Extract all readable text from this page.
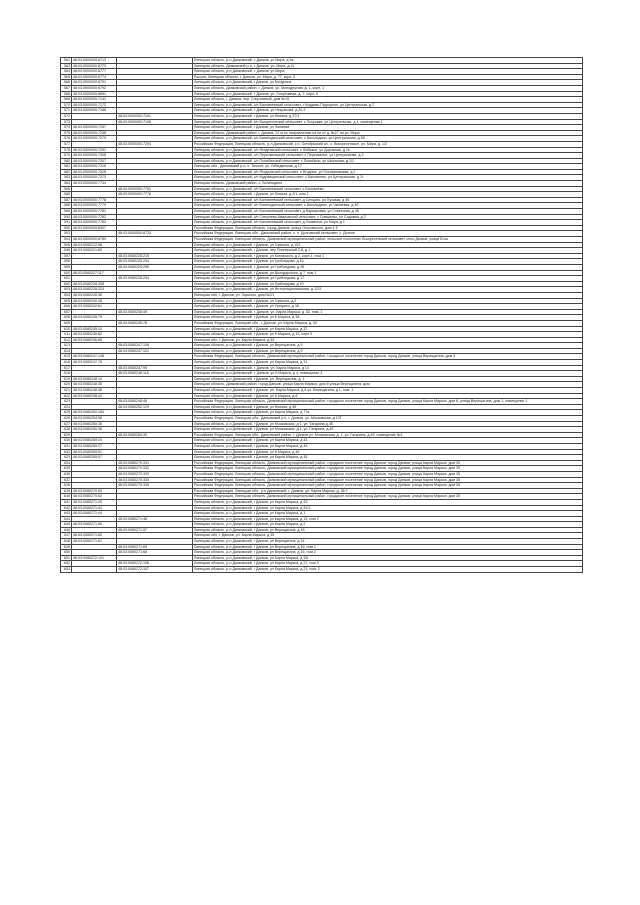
562	48:03:0000000:6713		Липецкая область, р-н Данковский, г. Данков, ул Мира, д 9а
563	48:03:0000000:6773		Липецкая область, Данковский р-н, г. Данков, ул. Мира, д.11
564	48:03:0000000:6777		Липецкая область, р-н Данковский, г. Данков, ул Мира
565	48:03:0000000:6774		Россия, Липецкая область, г. Данков, ул. Мира, д. 77, корп. 2
566	48:03:0000000:6791		Липецкая область, р-н Данковский, г Данков, ул Мичурина
567	48:03:0000000:6792		Липецкая область, Данковский район, г. Данков, ул. Молодежная, д. 1, корп. 1
568	48:03:0000000:6891		Липецкая область, р-н Данковский, г. Данков, ул. Спортивная, д. 2, корп. 4
569	48:03:0000000:7141		Липецкая область, г. Данков, пер. Спортивный, дом №19
570	48:03:0000000:7172		Липецкая область, р-н Данковский, с/п Баловневский сельсовет, с Крудево-Подгорное, ул Центральная, д 2
571	48:03:0000000:7188		Липецкая область, р-н Данковский, г. Данков, ул Некрасова, д 20-2
572		48:03:0000000:7191	Липецкая область, р-н Данковский, г Данков, ул Ленина, д 27/1
573		48:03:0000000:7198	Липецкая область, р-н Данковский, с/п Воскресенский сельсовет, с Покровка, ул Центральная, д 4, помещение 1
574	48:03:0000000:7257		Липецкая область, р-н Данковский, г Данков, ул Чапаева
575	48:03:0000000:7258		Липецкая область, Данковский район, г. Данков, 22 м по направлению на юг от д. №27 по ул. Мира
576	48:03:0000000:7279		Липецкая область, р-н Данковский, с/п Бигильдинский сельсовет, с Бигильдино, ул Центральная, д 58
577		48:03:0000000:7294	Российская Федерация, Липецкая область, р-н Данковский, с.п. Октябрьский с/с, с. Воскресенское, ул. Мира, д. 1/2
578	48:03:0000000:7291		Липецкая область, р-н Данковский, с/п Ягодновский сельсовет, с Лебяжье, ул Дорожная, д 1е
579	48:03:0000000:7306		Липецкая область, р-н Данковский, с/п Перехвальский сельсовет, с Перехвалье, ул Центральная, д 2
580	48:03:0000000:7307		Липецкая область, р-н Данковский, с/п Полибинский сельсовет, с Полибино, ул Школьная, д 1/1
581	48:03:0000000:7316		Липецкая обл., Данковский р-н, с. Теплое, ул. Лебедянская, д 17
582	48:03:0000000:7325		Липецкая область, р-н Данковский, с/п Ягодновский сельсовет, с Ягодное, ул Головановская, д 2
583	48:03:0000000:7373		Липецкая область, р-н Данковский, с/п Кудрявщинский сельсовет, с Баловнево, ул Центральная, д 2г
584	48:03:0000000:7744		Липецкая область, Данковский район, с. Бигильдино
585		48:03:0000000:7751	Липецкая область, р-н Данковский, с/п Баловневский сельсовет, с Баловнево
586		48:03:0000000:7776	Липецкая область, р-н Данковский, г Данков, ул Ленина, д 2/1, пом 1
587	48:03:0000000:7778		Липецкая область, р-н Данковский, с/п Баловневский сельсовет, д Сенцово, ул Луговая, д 4б
588	48:03:0000000:7779		Липецкая область, р-н Данковский, с/п Бигильдинский сельсовет, с Бигильдино, ул Чапаевка, д 4б
589	48:03:0000000:7781		Липецкая область, р-н Данковский, с/п Баловневский сельсовет, д Варваровка, ул Советская, д 3б
590	48:03:0000000:7782		Липецкая область, р-н Данковский, с/п Спешнево-Ивановский сельсовет, с Спешнево, ул Садовая, д 2
591	48:03:0000000:7783		Липецкая область, р-н Данковский, с/п Баловневский сельсовет, д Знаменка, ул Мира, д 1
592	48:03:0000000:8407		Российская Федерация, Липецкая область, город Данков, улица Островского, дом 1 б
593		48:03:0000000:8733	Российская Федерация, Липецкая обл., Данковский район, с. п. Долговский сельсовет, с. Долгое
594	48:03:0000000:8789		Российская Федерация, Липецкая область, Данковский муниципальный район, сельское поселение Воскресенский сельсовет, село Данков, улица Юла
595	48:03:0080212:56		Липецкая область, р-н Данковский, г Данков, ул Горького, д 102
596	48:03:0080221:60		Липецкая область, р-н Данковский, г Данков, пер Пионерский 2-й, д 1
597		48:03:0080225:215	Липецкая область, р-н Данковский, г Данков, ул Котовского, д 2, корп 1, пом 1
598		48:03:0080225:254	Липецкая область, р-н Данковский, г Данков, ул Грибоедова, д 16
599		48:03:0080225:255	Липецкая область, р-н Данковский, г. Данков, ул Грибоедова, д 26
600	48:03:0080227:117		Липецкая область, р-н Данковский, г Данков, ул Володарского, д 7, пом 1
601		48:03:0080228:254	Липецкая область, р-н Данковский, г. Данков, ул Грибоедова, д 17
602	48:03:0080228:308		Липецкая область, р-н Данковский, г Данков, ул Грибоедова, д 19
603	48:03:0080228:324		Липецкая область, р-н Данковский, г Данков, ул Интернациональная, д 12/3
604	48:03:0080240:36		Липецкая обл, г. Данков, ул. Горького, дом №2/1
605	48:03:0080240:38		Липецкая область, р-н Данковский, г Данков, ул Горького, д 2
606	48:03:0080242:61		Липецкая область, р-н Данковский, г Данков, ул Урицкого, д 36
607		48:03:0080245:49	Липецкая область, р-н Данковский, г. Данков, ул. Карла Маркса, д. 52, пом. 1
608	48:03:0080245:75		Липецкая область, р-н Данковский, г Данков, ул К.Маркса, д 38
609		48:03:0080245:76	Российская Федерация, Липецкая обл., г. Данков, ул. Карла Маркса, д. 52
610	48:03:0080245:10		Липецкая область, р-н Данковский, г Данков, ул Карла Маркса, д 37
611	48:03:0080246:82		Липецкая область, р-н Данковский, г Данков, ул К.Маркса, д 32, корп 3
612	48:03:0080246:85		Липецкая обл, г. Данков, ул. Карла Маркса, д 34
613		48:03:0080247:106	Липецкая область, р-н Данковский, г Данков, ул Верещагина, д 9
614		48:03:0080247:101	Липецкая область, р-н Данковский, г Данков, ул Верещагина, д 9
615	48:03:0080247:148		Российская Федерация, Липецкая область, Данковский муниципальный район, городское поселение город Данков, город Данков, улица Верещагина, дом 5
616	48:03:0080247:76		Липецкая область, р-н Данковский, г Данков, ул Карла Маркса, д 31
617		48:03:0080247:99	Липецкая область, р-н Данковский, г. Данков, ул. Карла Маркса, д 14
618		48:03:0080248:116	Липецкая область, р-н Данковский, г. Данков, ул К.Маркса, д 4, помещение 3
619	48:03:0080248:14		Липецкая область, р-н Данковский, г Данков, ул. Верещагина, д. 1
620	48:03:0080248:35		Липецкая область, Данковский район, город Данков, улица Карла Маркса, дом 8 улица Верещагина, дом
621	48:03:0080248:38		Липецкая область, р-н Данковский, г Данков, ул. Карла Маркса, д 8 ул. Верещагина, д 1, пом. 1
622	48:03:0080248:42		Липецкая область, р-н Данковский, г Данков, ул К.Маркса, д 6
623		48:03:0080248:46	Российская Федерация, Липецкая область, Данковский муниципальный район, городское поселение город Данков, город Данков, улица Карла Маркса, дом 8, улица Верещагина, дом 1, помещение 1
624		48:03:0080252:129	Липецкая область, р-н Данковский, г Данков, ул Нахова, д 45
625	48:03:0080252:184		Липецкая область, р-н Данковский, г Данков, ул Карла Маркса, д 77а
626	48:03:0080254:58		Российская Федерация, Липецкая обл., Данковский р-н, г. Данков, ул. Московская, д 13Г
627	48:03:0080260:35		Липецкая область, р-н Данковский, г Данков, ул Московская, д 1, ул. Тагарина д.4б
628	48:03:0080260:38		Липецкая область, р-н Данковский, г Данков, ул Московская, д 1, ул. Гагарина, д.4б
629		48:03:0080260:39	Российская Федерация, Липецкая обл., Данковский район, г. Данков ул. Московская, д. 1, ул. Гагарина, д.4б, помещение №1
630	48:03:0080269:24		Липецкая область, р-н Данковский, г Данков, ул Карла Маркса, д 43
631	48:03:0080269:27		Липецкая область, р-н Данковский, г Данков, ул Карла Маркса, д 45
632	48:03:0080269:51		Липецкая область, р-н Данковский, г Данков, ул К.Маркса, д 46
633	48:03:0080269:57		Липецкая область, р-н Данковский, г Данков, ул Карла Маркса, д 45
634		48:03:0080270:331	Российская Федерация, Липецкая область, Данковский муниципальный район, городское поселение город Данков, город Данков, улица Карла Маркса, дом 35
635		48:03:0080270:332	Российская Федерация, Липецкая область, Данковский муниципальный район, городское поселение город Данков, город Данков, улица Карла Маркса, дом 35
636		48:03:0080270:333	Российская Федерация, Липецкая область, Данковский муниципальный район, городское поселение город Данков, город Данков, улица Карла Маркса, дом 35
637		48:03:0080270:334	Российская Федерация, Липецкая область, Данковский муниципальный район, городское поселение город Данков, город Данков, улица Карла Маркса, дом 35
638		48:03:0080270:335	Российская Федерация, Липецкая область, Данковский муниципальный район, городское поселение город Данков, город Данков, улица Карла Маркса, дом 35
639	48:03:0080270:50		Российская Федерация, Липецкая обл., р-н Данковский, г. Данков, ул. Карла Маркса, д. 35 Г
640	48:03:0080270:62		Российская Федерация, Липецкая область, Данковский муниципальный район, городское поселение город Данков, город Данков, улица Карла Маркса, дом 35
641	48:03:0080271:25		Липецкая область, р-н Данковский, г Данков, ул Карла Маркса, д 33
642	48:03:0080271:41		Липецкая область, р-н Данковский, г Данков, ул Карла Маркса, д 31/1
643	48:03:0080271:44		Липецкая область, р-н Данковский, г Данков, ул Карла Маркса, д 1
644		48:03:0080271:48	Липецкая область, р-н Данковский, г Данков, ул Карла Маркса, д 13, пом 2
645	48:03:0080271:50		Липецкая область, р-н Данковский, г Данков, ул Карла Маркса, д 2
646		48:03:0080271:57	Липецкая область, р-н Данковский, г Данков, ул Верещагина, д 45
647	48:03:0080271:60		Липецкая обл, г. Данков, ул. Карла Маркса, д 35
648	48:03:0080271:61		Липецкая область, р-н Данковский, г Данков, ул Верещагина, д 14
649		48:03:0080271:63	Липецкая область, р-н Данковский, г Данков, ул Верещагина, д 16, пом 1
650		48:03:0080271:68	Липецкая область, р-н Данковский, г Данков, ул Верещагина, д 16, пом 2
651	48:03:0080272:101		Липецкая область, р-н Данковский, г Данков, ул Карла Маркса, д 15г
652		48:03:0080272:106	Липецкая область, р-н Данковский, г Данков, ул Карла Маркса, д 21, пом 3
653		48:03:0080272:107	Липецкая область, р-н Данковский, г Данков, ул Карла Маркса, д 21, пом. 2
